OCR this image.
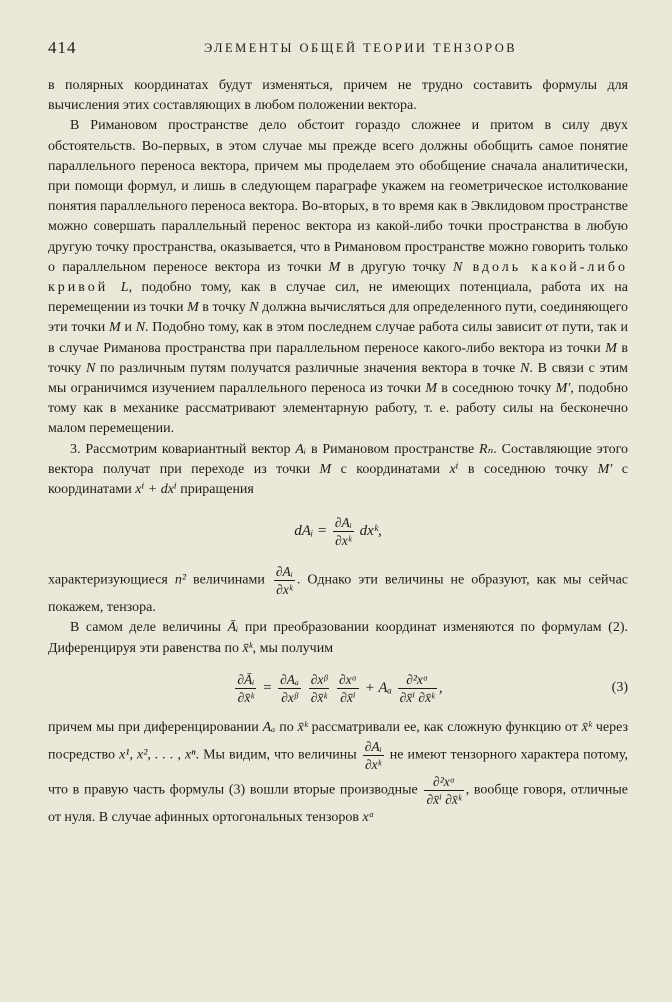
414	ЭЛЕМЕНТЫ ОБЩЕЙ ТЕОРИИ ТЕНЗОРОВ

в полярных координатах будут изменяться, причем не трудно составить формулы для вычисления этих составляющих в любом положении вектора.

В Римановом пространстве дело обстоит гораздо сложнее и притом в силу двух обстоятельств. Во-первых, в этом случае мы прежде всего должны обобщить самое понятие параллельного переноса вектора, причем мы проделаем это обобщение сначала аналитически, при помощи формул, и лишь в следующем параграфе укажем на геометрическое истолкование понятия параллельного переноса вектора. Во-вторых, в то время как в Эвклидовом пространстве можно совершать параллельный перенос вектора из какой-либо точки пространства в любую другую точку пространства, оказывается, что в Римановом пространстве можно говорить только о параллельном переносе вектора из точки M в другую точку N вдоль какой-либо кривой L, подобно тому, как в случае сил, не имеющих потенциала, работа их на перемещении из точки M в точку N должна вычисляться для определенного пути, соединяющего эти точки M и N. Подобно тому, как в этом последнем случае работа силы зависит от пути, так и в случае Риманова пространства при параллельном переносе какого-либо вектора из точки M в точку N по различным путям получатся различные значения вектора в точке N. В связи с этим мы ограничимся изучением параллельного переноса из точки M в соседнюю точку M′, подобно тому как в механике рассматривают элементарную работу, т. е. работу силы на бесконечно малом перемещении.

3. Рассмотрим ковариантный вектор Aᵢ в Римановом пространстве Rₙ. Составляющие этого вектора получат при переходе из точки M с координатами xⁱ в соседнюю точку M′ с координатами xⁱ + dxⁱ приращения

dAᵢ = $\frac{\text{∂Aᵢ}}{\text{∂xᵏ}}$ dxᵏ,

характеризующиеся n² величинами $\frac{\text{∂Aᵢ}}{\text{∂xᵏ}}$ . Однако эти величины не образуют, как мы сейчас покажем, тензора.

В самом деле величины Āᵢ при преобразовании координат изменяются по формулам (2). Диференцируя эти равенства по x̄ᵏ, мы получим

$\frac{\text{∂Āᵢ}}{\text{∂x̄ᵏ}} = \frac{\text{∂Aₐ}}{\text{∂xᵝ}}$
$\frac{\text{∂xᵝ}}{\text{∂x̄ᵏ}}$
$\frac{\text{∂xᵅ}}{\text{∂x̄ⁱ}} + A_a \frac{\text{∂²xᵅ}}{\text{∂x̄ⁱ ∂x̄ᵏ}}$ ,	(3)

причем мы при диференцировании Aₐ по x̄ᵏ рассматривали ее, как сложную функцию от x̄ᵏ через посредство x¹, x², . . . , xⁿ. Мы видим, что величины $\frac{\text{∂Aᵢ}}{\text{∂xᵏ}}$ не имеют тензорного характера потому, что в правую часть формулы (3) вошли вторые производные $\frac{\text{∂²xᵅ}}{\text{∂x̄ⁱ ∂x̄ᵏ}}$ , вообще говоря, отличные от нуля. В случае афинных ортогональных тензоров xᵅ
